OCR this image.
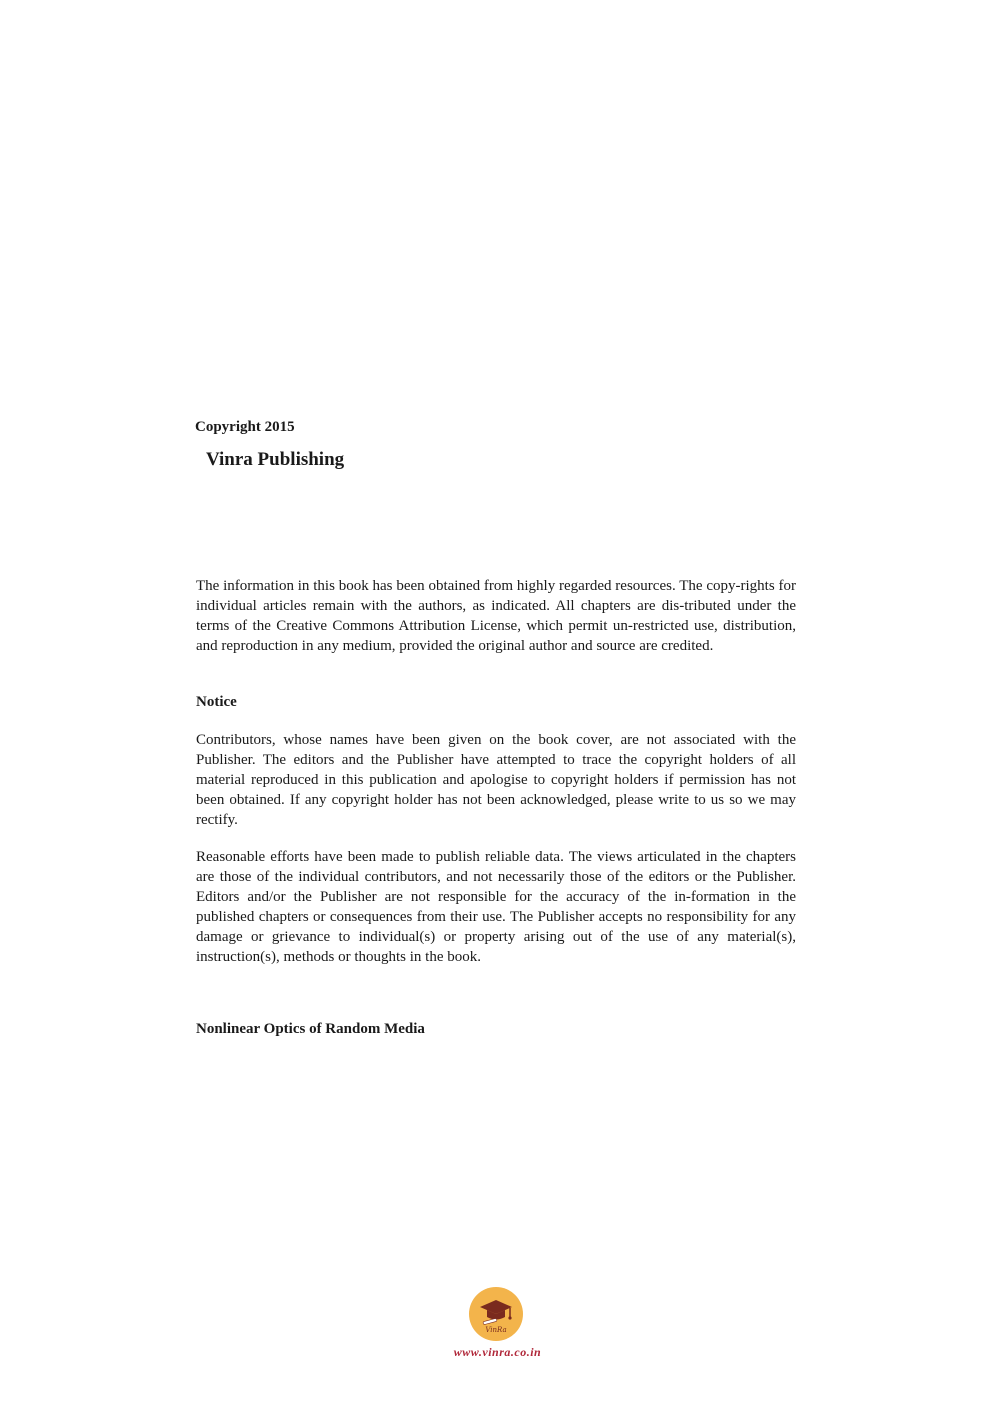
Copyright 2015
Vinra Publishing

The information in this book has been obtained from highly regarded resources. The copy-rights for individual articles remain with the authors, as indicated. All chapters are dis-tributed under the terms of the Creative Commons Attribution License, which permit un-restricted use, distribution, and reproduction in any medium, provided the original author and source are credited.

Notice

Contributors, whose names have been given on the book cover, are not associated with the Publisher. The editors and the Publisher have attempted to trace the copyright holders of all material reproduced in this publication and apologise to copyright holders if permission has not been obtained. If any copyright holder has not been acknowledged, please write to us so we may rectify.

Reasonable efforts have been made to publish reliable data. The views articulated in the chapters are those of the individual contributors, and not necessarily those of the editors or the Publisher. Editors and/or the Publisher are not responsible for the accuracy of the in-formation in the published chapters or consequences from their use. The Publisher accepts no responsibility for any damage or grievance to individual(s) or property arising out of the use of any material(s), instruction(s), methods or thoughts in the book.

Nonlinear Optics of Random Media
VinRa
www.vinra.co.in
